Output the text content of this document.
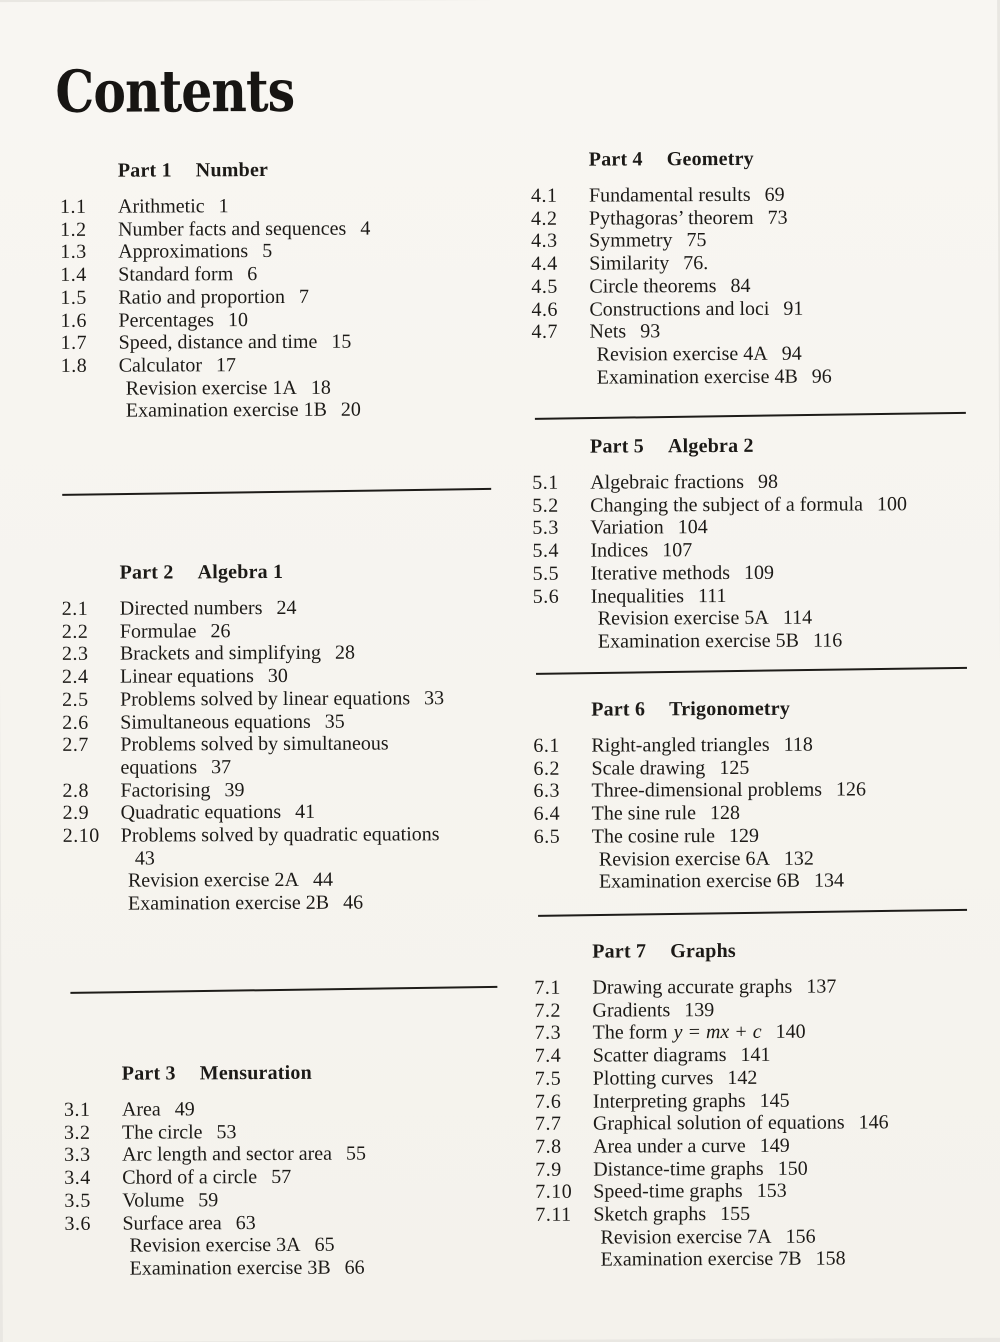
Contents
Part 1 Number
1.1	Arithmetic 1
1.2	Number facts and sequences 4
1.3	Approximations 5
1.4	Standard form 6
1.5	Ratio and proportion 7
1.6	Percentages 10
1.7	Speed, distance and time 15
1.8	Calculator 17
Revision exercise 1A 18
Examination exercise 1B 20
Part 2 Algebra 1
2.1	Directed numbers 24
2.2	Formulae 26
2.3	Brackets and simplifying 28
2.4	Linear equations 30
2.5	Problems solved by linear equations 33
2.6	Simultaneous equations 35
2.7	Problems solved by simultaneous
equations 37
2.8	Factorising 39
2.9	Quadratic equations 41
2.10	Problems solved by quadratic equations
43
Revision exercise 2A 44
Examination exercise 2B 46
Part 3 Mensuration
3.1	Area 49
3.2	The circle 53
3.3	Arc length and sector area 55
3.4	Chord of a circle 57
3.5	Volume 59
3.6	Surface area 63
Revision exercise 3A 65
Examination exercise 3B 66
Part 4 Geometry
4.1	Fundamental results 69
4.2	Pythagoras’ theorem 73
4.3	Symmetry 75
4.4	Similarity 76.
4.5	Circle theorems 84
4.6	Constructions and loci 91
4.7	Nets 93
Revision exercise 4A 94
Examination exercise 4B 96
Part 5 Algebra 2
5.1	Algebraic fractions 98
5.2	Changing the subject of a formula 100
5.3	Variation 104
5.4	Indices 107
5.5	Iterative methods 109
5.6	Inequalities 111
Revision exercise 5A 114
Examination exercise 5B 116
Part 6 Trigonometry
6.1	Right-angled triangles 118
6.2	Scale drawing 125
6.3	Three-dimensional problems 126
6.4	The sine rule 128
6.5	The cosine rule 129
Revision exercise 6A 132
Examination exercise 6B 134
Part 7 Graphs
7.1	Drawing accurate graphs 137
7.2	Gradients 139
7.3	The form y = mx + c 140
7.4	Scatter diagrams 141
7.5	Plotting curves 142
7.6	Interpreting graphs 145
7.7	Graphical solution of equations 146
7.8	Area under a curve 149
7.9	Distance-time graphs 150
7.10	Speed-time graphs 153
7.11	Sketch graphs 155
Revision exercise 7A 156
Examination exercise 7B 158
